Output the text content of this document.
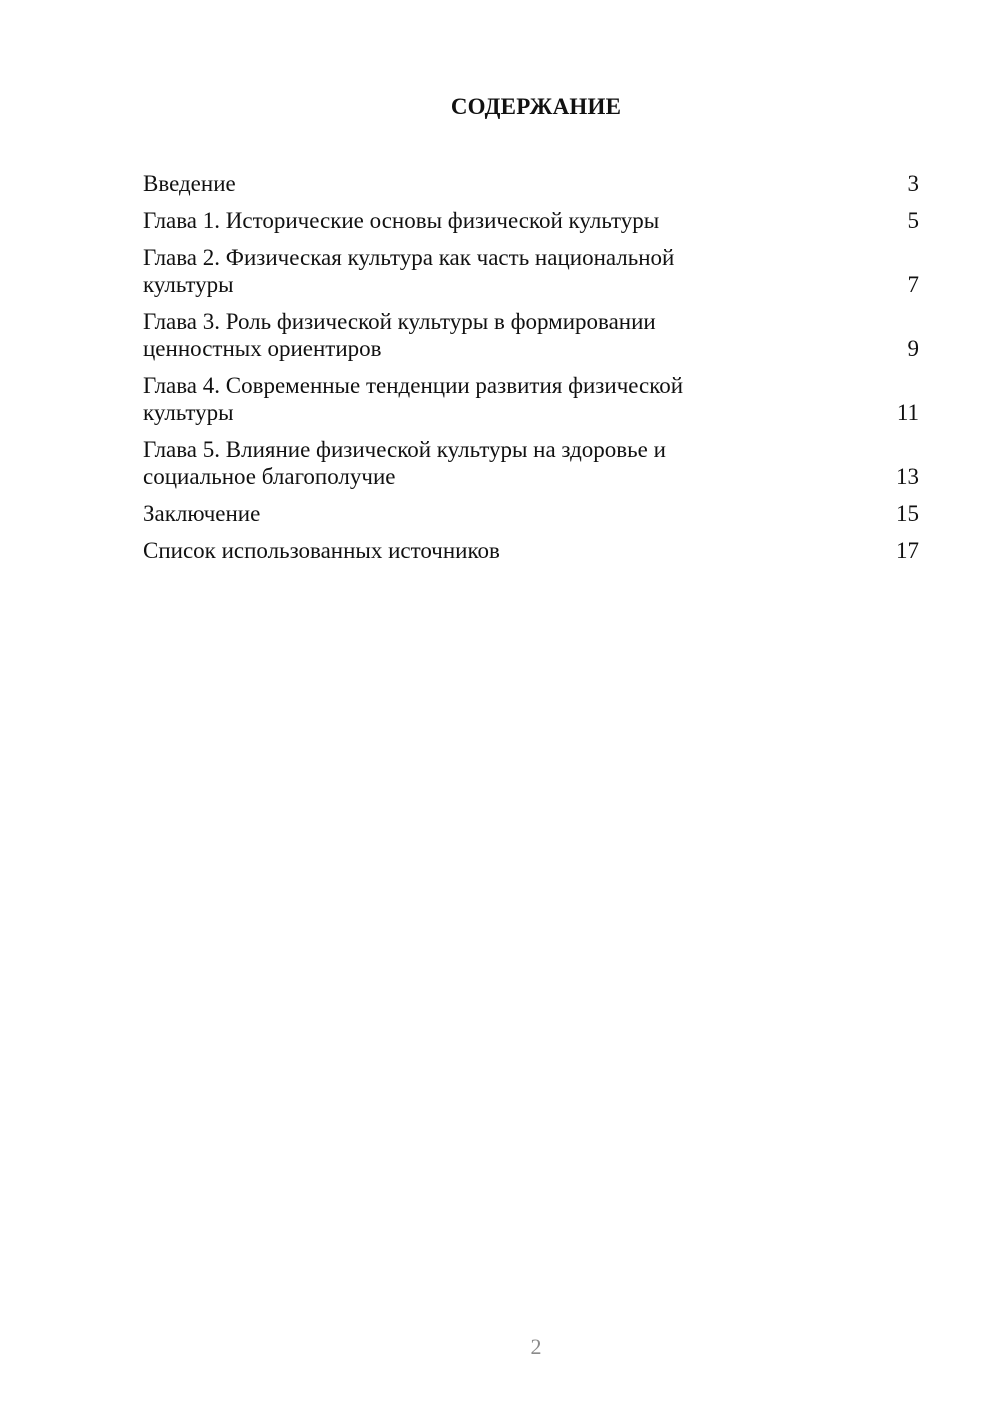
СОДЕРЖАНИЕ
Введение	3
Глава 1. Исторические основы физической культуры	5
Глава 2. Физическая культура как часть национальной культуры	7
Глава 3. Роль физической культуры в формировании ценностных ориентиров	9
Глава 4. Современные тенденции развития физической культуры	11
Глава 5. Влияние физической культуры на здоровье и социальное благополучие	13
Заключение	15
Список использованных источников	17
2
